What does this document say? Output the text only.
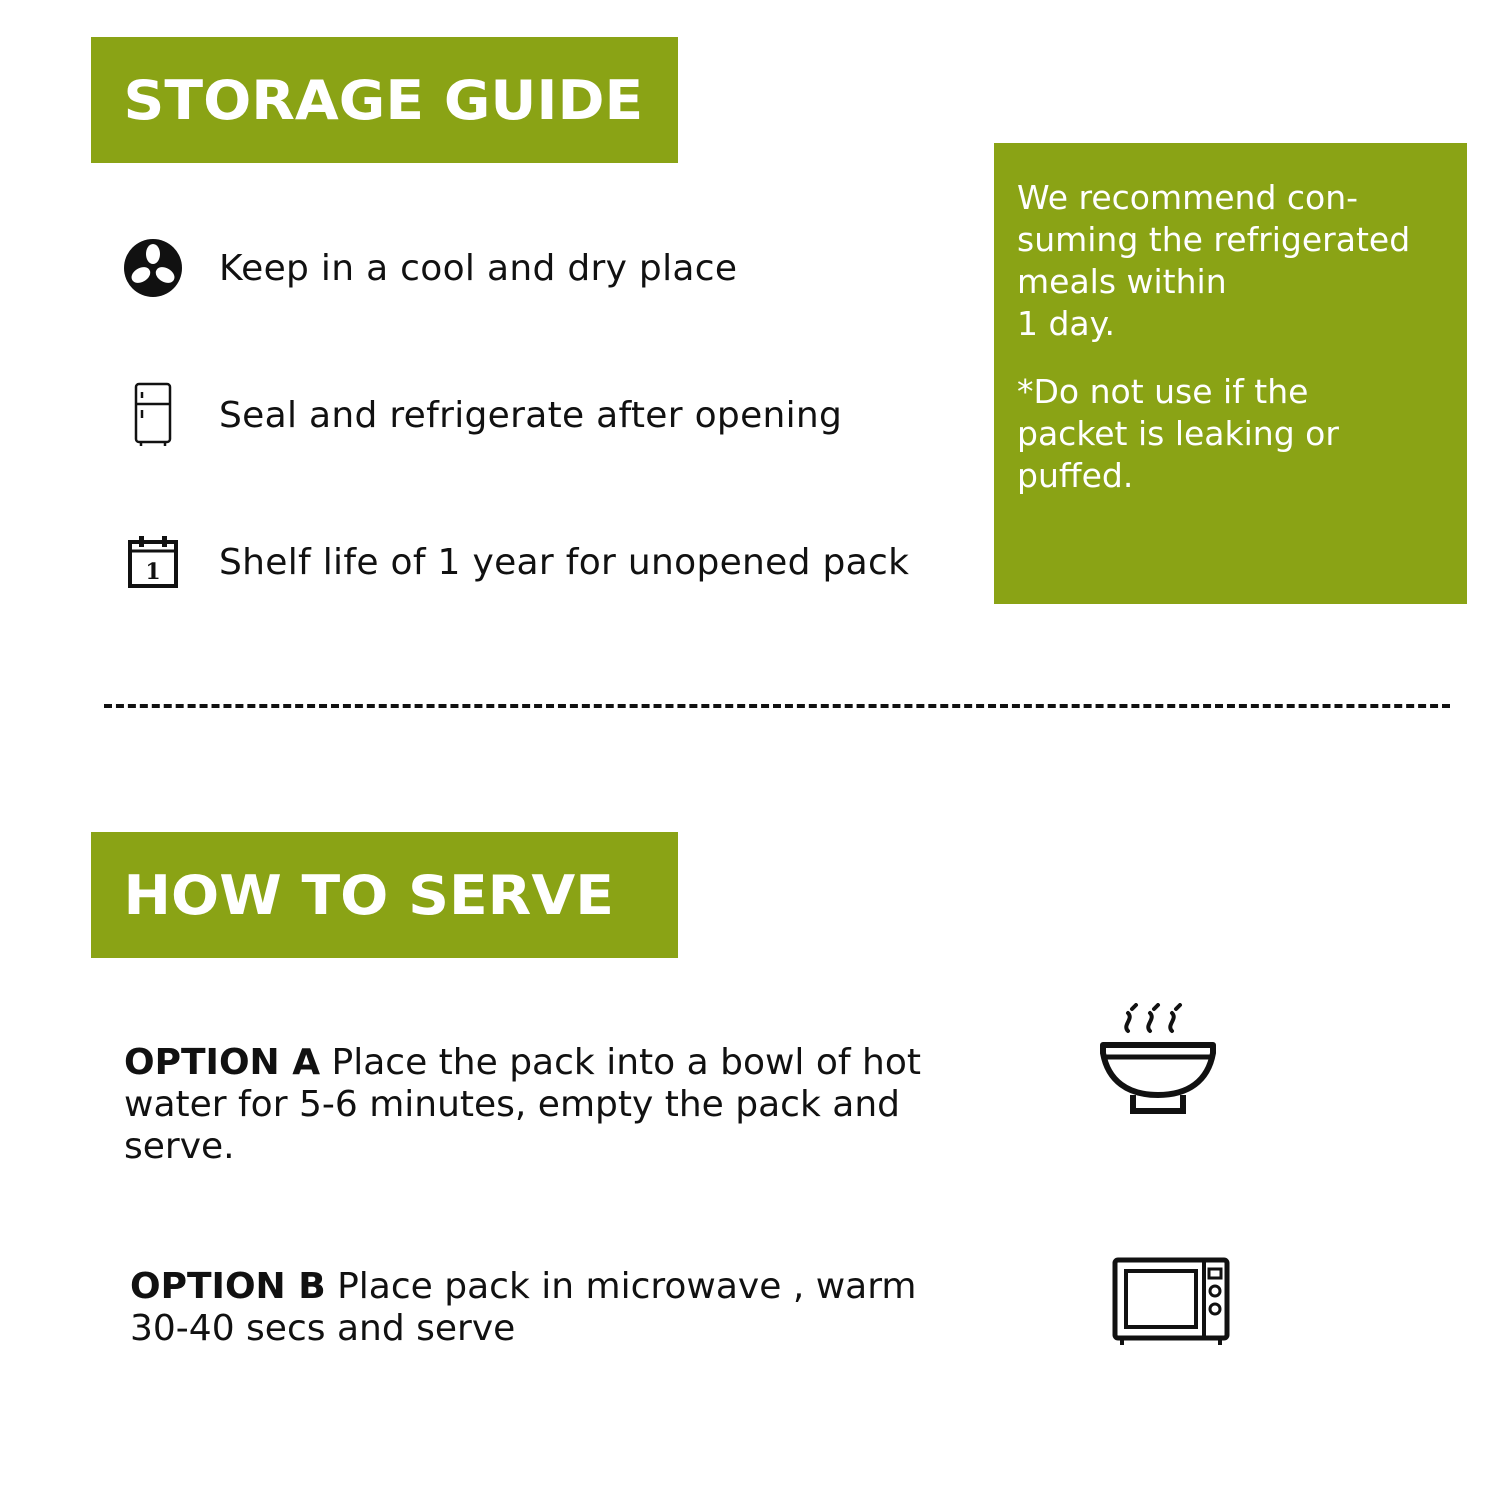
STORAGE GUIDE
Keep in a cool and dry place
Seal and refrigerate after opening
1 Shelf life of 1 year for unopened pack

We recommend con-
suming the refrigerated
meals within
1 day.

*Do not use if the
packet is leaking or
puffed.

HOW TO SERVE
OPTION A Place the pack into a bowl of hot
water for 5-6 minutes, empty the pack and
serve.
OPTION B Place pack in microwave , warm
30-40 secs and serve
